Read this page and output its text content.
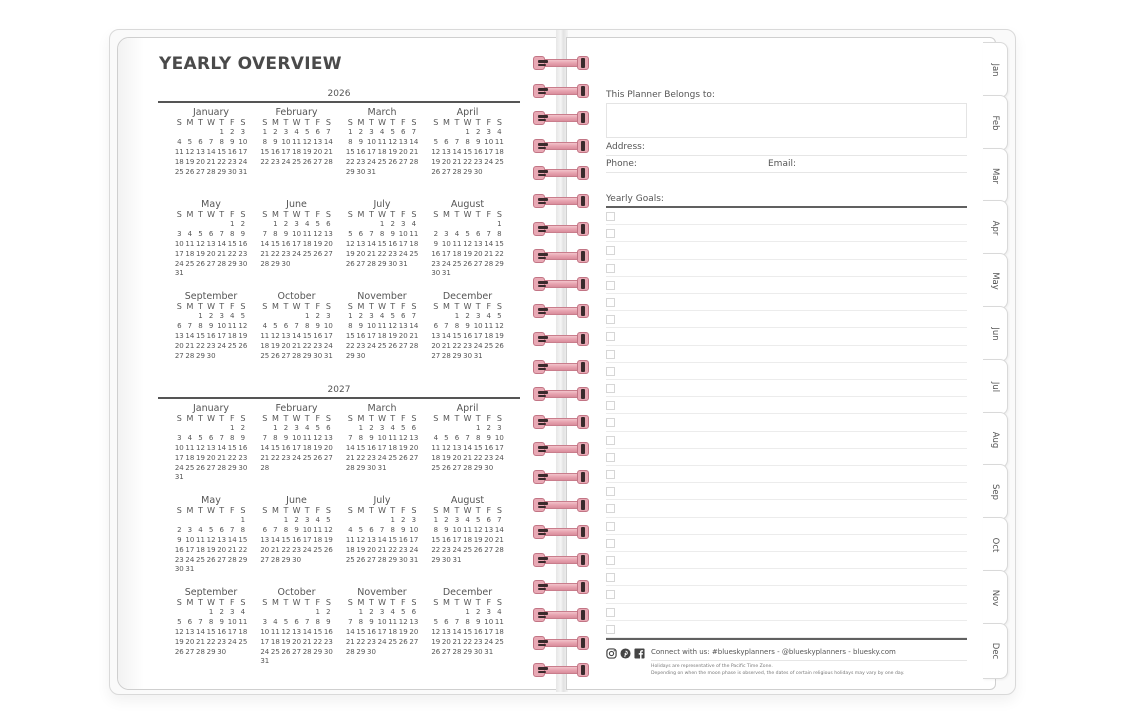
YEARLY OVERVIEW
2026
January
S M T W T F S
1 2 3
4 5 6 7 8 9 10
11 12 13 14 15 16 17
18 19 20 21 22 23 24
25 26 27 28 29 30 31
February
S M T W T F S
1 2 3 4 5 6 7
8 9 10 11 12 13 14
15 16 17 18 19 20 21
22 23 24 25 26 27 28
March
S M T W T F S
1 2 3 4 5 6 7
8 9 10 11 12 13 14
15 16 17 18 19 20 21
22 23 24 25 26 27 28
29 30 31
April
S M T W T F S
1 2 3 4
5 6 7 8 9 10 11
12 13 14 15 16 17 18
19 20 21 22 23 24 25
26 27 28 29 30
May
S M T W T F S
1 2
3 4 5 6 7 8 9
10 11 12 13 14 15 16
17 18 19 20 21 22 23
24 25 26 27 28 29 30
31
June
S M T W T F S
1 2 3 4 5 6
7 8 9 10 11 12 13
14 15 16 17 18 19 20
21 22 23 24 25 26 27
28 29 30
July
S M T W T F S
1 2 3 4
5 6 7 8 9 10 11
12 13 14 15 16 17 18
19 20 21 22 23 24 25
26 27 28 29 30 31
August
S M T W T F S
1
2 3 4 5 6 7 8
9 10 11 12 13 14 15
16 17 18 19 20 21 22
23 24 25 26 27 28 29
30 31
September
S M T W T F S
1 2 3 4 5
6 7 8 9 10 11 12
13 14 15 16 17 18 19
20 21 22 23 24 25 26
27 28 29 30
October
S M T W T F S
1 2 3
4 5 6 7 8 9 10
11 12 13 14 15 16 17
18 19 20 21 22 23 24
25 26 27 28 29 30 31
November
S M T W T F S
1 2 3 4 5 6 7
8 9 10 11 12 13 14
15 16 17 18 19 20 21
22 23 24 25 26 27 28
29 30
December
S M T W T F S
1 2 3 4 5
6 7 8 9 10 11 12
13 14 15 16 17 18 19
20 21 22 23 24 25 26
27 28 29 30 31
2027
January
S M T W T F S
1 2
3 4 5 6 7 8 9
10 11 12 13 14 15 16
17 18 19 20 21 22 23
24 25 26 27 28 29 30
31
February
S M T W T F S
1 2 3 4 5 6
7 8 9 10 11 12 13
14 15 16 17 18 19 20
21 22 23 24 25 26 27
28
March
S M T W T F S
1 2 3 4 5 6
7 8 9 10 11 12 13
14 15 16 17 18 19 20
21 22 23 24 25 26 27
28 29 30 31
April
S M T W T F S
1 2 3
4 5 6 7 8 9 10
11 12 13 14 15 16 17
18 19 20 21 22 23 24
25 26 27 28 29 30
May
S M T W T F S
1
2 3 4 5 6 7 8
9 10 11 12 13 14 15
16 17 18 19 20 21 22
23 24 25 26 27 28 29
30 31
June
S M T W T F S
1 2 3 4 5
6 7 8 9 10 11 12
13 14 15 16 17 18 19
20 21 22 23 24 25 26
27 28 29 30
July
S M T W T F S
1 2 3
4 5 6 7 8 9 10
11 12 13 14 15 16 17
18 19 20 21 22 23 24
25 26 27 28 29 30 31
August
S M T W T F S
1 2 3 4 5 6 7
8 9 10 11 12 13 14
15 16 17 18 19 20 21
22 23 24 25 26 27 28
29 30 31
September
S M T W T F S
1 2 3 4
5 6 7 8 9 10 11
12 13 14 15 16 17 18
19 20 21 22 23 24 25
26 27 28 29 30
October
S M T W T F S
1 2
3 4 5 6 7 8 9
10 11 12 13 14 15 16
17 18 19 20 21 22 23
24 25 26 27 28 29 30
31
November
S M T W T F S
1 2 3 4 5 6
7 8 9 10 11 12 13
14 15 16 17 18 19 20
21 22 23 24 25 26 27
28 29 30
December
S M T W T F S
1 2 3 4
5 6 7 8 9 10 11
12 13 14 15 16 17 18
19 20 21 22 23 24 25
26 27 28 29 30 31
This Planner Belongs to:
Address:
Phone:	Email:
Yearly Goals:
Connect with us: #blueskyplanners - @blueskyplanners - bluesky.com
Holidays are representative of the Pacific Time Zone.
Depending on when the moon phase is observed, the dates of certain religious holidays may vary by one day.
Jan
Feb
Mar
Apr
May
Jun
Jul
Aug
Sep
Oct
Nov
Dec
